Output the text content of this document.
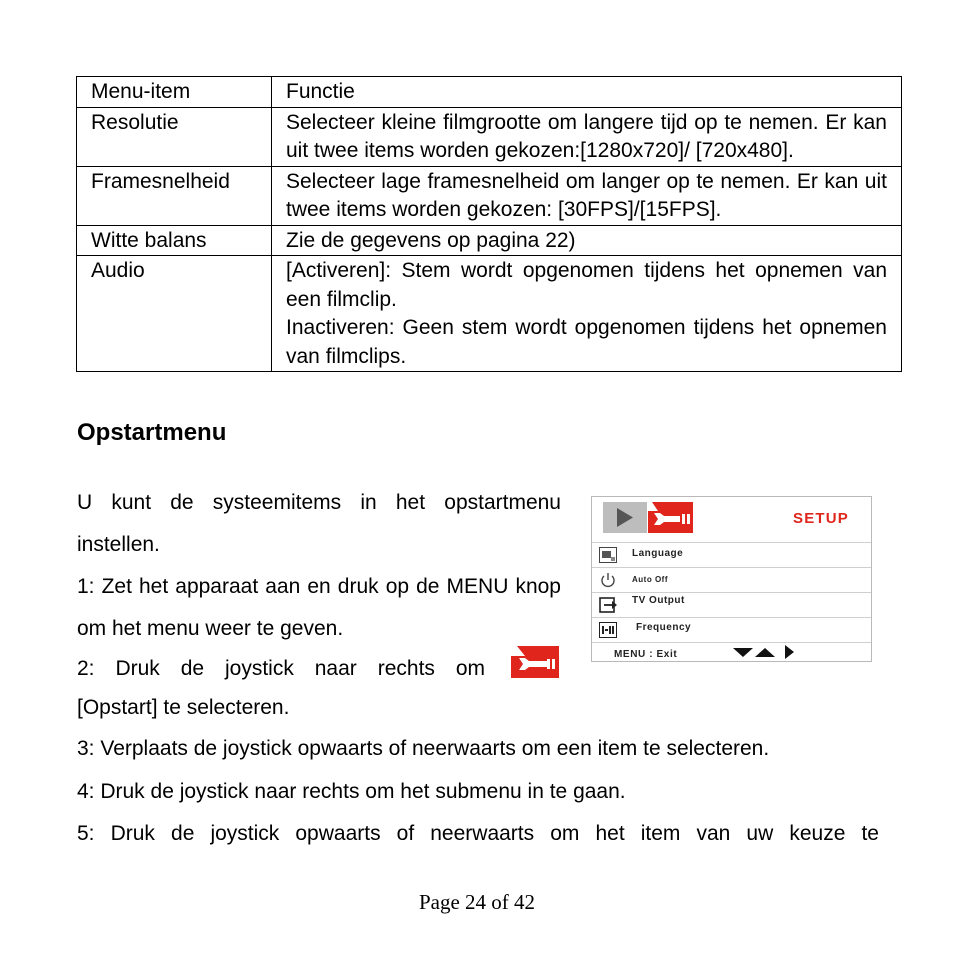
Menu-item	Functie
Resolutie	Selecteer kleine filmgrootte om langere tijd op te nemen. Er kan uit twee items worden gekozen:[1280x720]/ [720x480].

Framesnelheid	Selecteer lage framesnelheid om langer op te nemen. Er kan uit twee items worden gekozen: [30FPS]/[15FPS].

Witte balans	Zie de gegevens op pagina 22)

Audio	[Activeren]: Stem wordt opgenomen tijdens het opnemen van een filmclip.

Inactiveren: Geen stem wordt opgenomen tijdens het opnemen van filmclips.

Opstartmenu

U kunt de systeemitems in het opstartmenu instellen.

1: Zet het apparaat aan en druk op de MENU knop om het menu weer te geven.

2: Druk de joystick naar rechts om

[Opstart] te selecteren.

3: Verplaats de joystick opwaarts of neerwaarts om een item te selecteren.

4: Druk de joystick naar rechts om het submenu in te gaan.

5: Druk de joystick opwaarts of neerwaarts om het item van uw keuze te

SETUP
Language
Auto Off
TV Output
Frequency
MENU : Exit
Page 24 of 42
